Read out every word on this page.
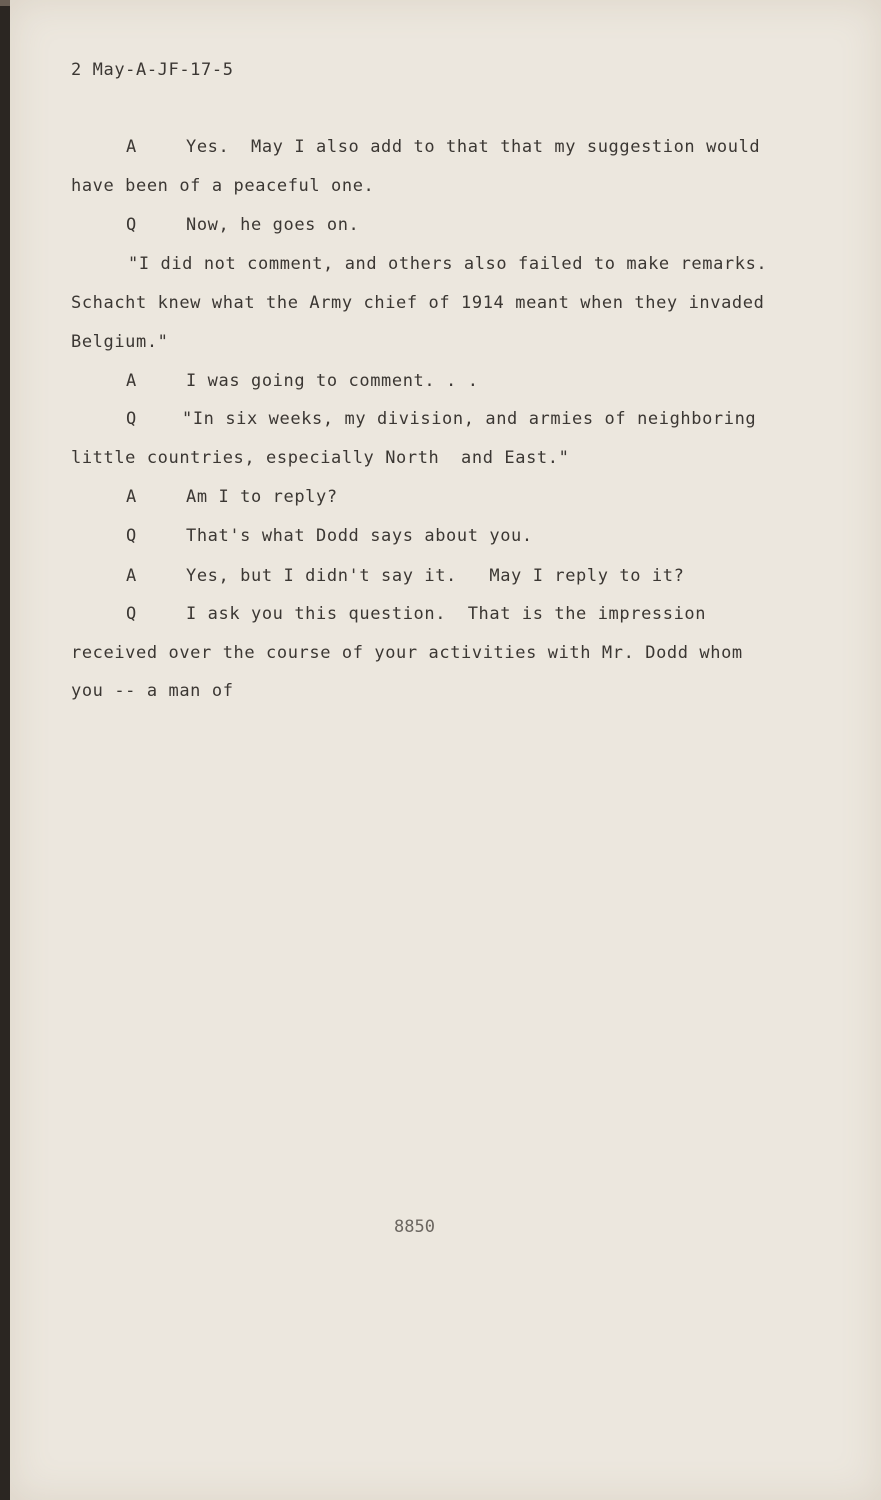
2 May-A-JF-17-5
A	Yes.  May I also add to that that my suggestion would
have been of a peaceful one.
Q	Now, he goes on.
"I did not comment, and others also failed to make remarks.
Schacht knew what the Army chief of 1914 meant when they invaded
Belgium."
A	I was going to comment. . .
Q	"In six weeks, my division, and armies of neighboring
little countries, especially North  and East."
A	Am I to reply?
Q	That's what Dodd says about you.
A	Yes, but I didn't say it.   May I reply to it?
Q	I ask you this question.  That is the impression
received over the course of your activities with Mr. Dodd whom
you -- a man of
8850
